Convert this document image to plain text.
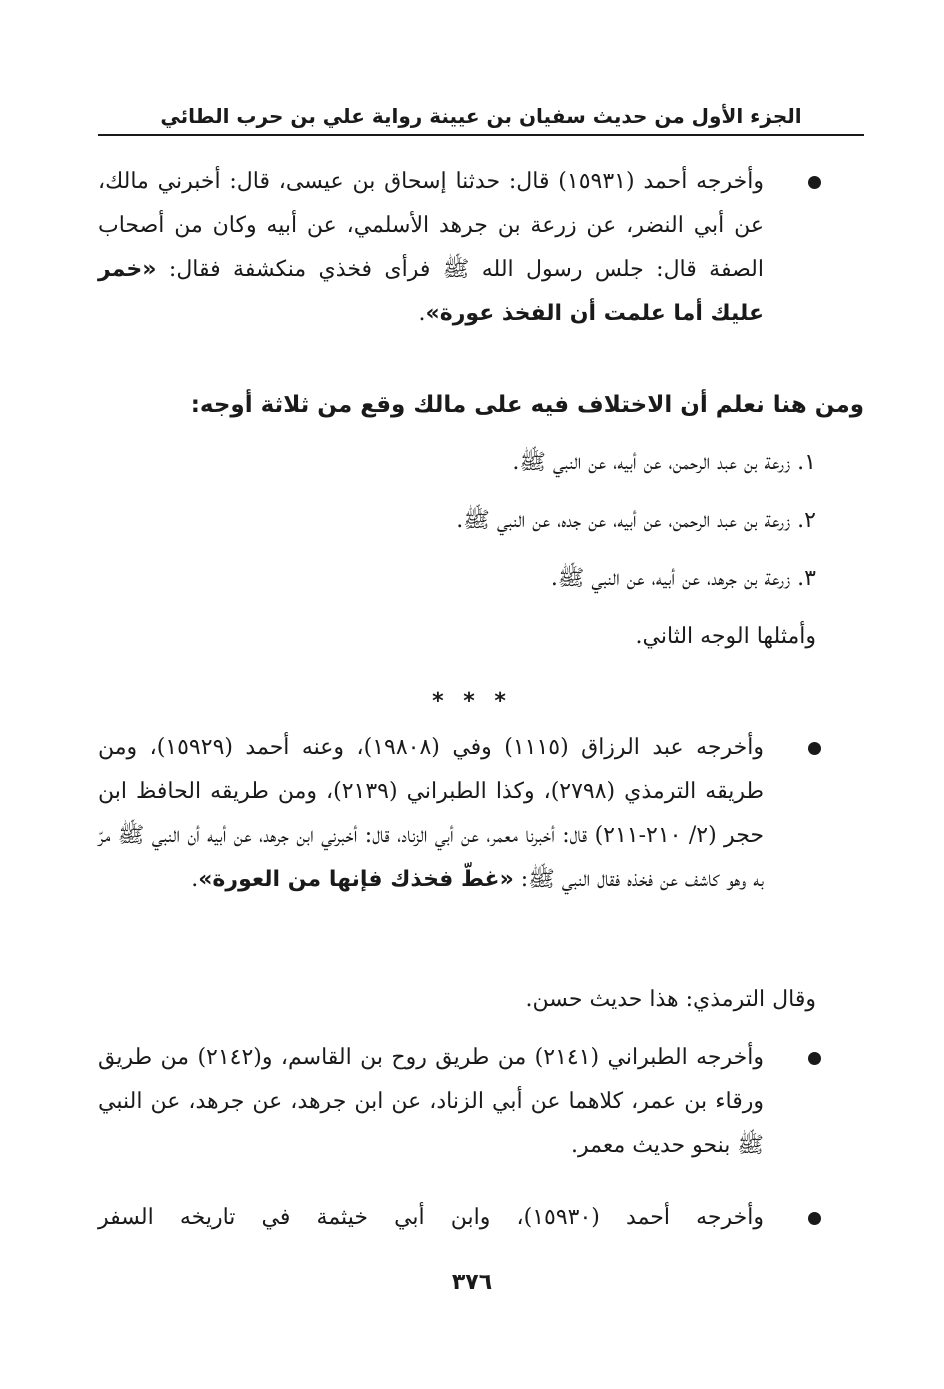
الجزء الأول من حديث سفيان بن عيينة رواية علي بن حرب الطائي
وأخرجه أحمد (١٥٩٣١) قال: حدثنا إسحاق بن عيسى، قال: أخبرني مالك، عن أبي النضر، عن زرعة بن جرهد الأسلمي، عن أبيه وكان من أصحاب الصفة قال: جلس رسول الله ﷺ فرأى فخذي منكشفة فقال: «خمر عليك أما علمت أن الفخذ عورة».
ومن هنا نعلم أن الاختلاف فيه على مالك وقع من ثلاثة أوجه:
١. زرعة بن عبد الرحمن، عن أبيه، عن النبي ﷺ.
٢. زرعة بن عبد الرحمن، عن أبيه، عن جده، عن النبي ﷺ.
٣. زرعة بن جرهد، عن أبيه، عن النبي ﷺ.
وأمثلها الوجه الثاني.
* * *
وأخرجه عبد الرزاق (١١١٥) وفي (١٩٨٠٨)، وعنه أحمد (١٥٩٢٩)، ومن طريقه الترمذي (٢٧٩٨)، وكذا الطبراني (٢١٣٩)، ومن طريقه الحافظ ابن حجر (٢/ ٢١٠-٢١١) قال: أخبرنا معمر، عن أبي الزناد، قال: أخبرني ابن جرهد، عن أبيه أن النبي ﷺ مرّ به وهو كاشف عن فخذه فقال النبي ﷺ: «غطّ فخذك فإنها من العورة».
وقال الترمذي: هذا حديث حسن.
وأخرجه الطبراني (٢١٤١) من طريق روح بن القاسم، و(٢١٤٢) من طريق ورقاء بن عمر، كلاهما عن أبي الزناد، عن ابن جرهد، عن جرهد، عن النبي ﷺ بنحو حديث معمر.
وأخرجه أحمد (١٥٩٣٠)، وابن أبي خيثمة في تاريخه السفر
٣٧٦
